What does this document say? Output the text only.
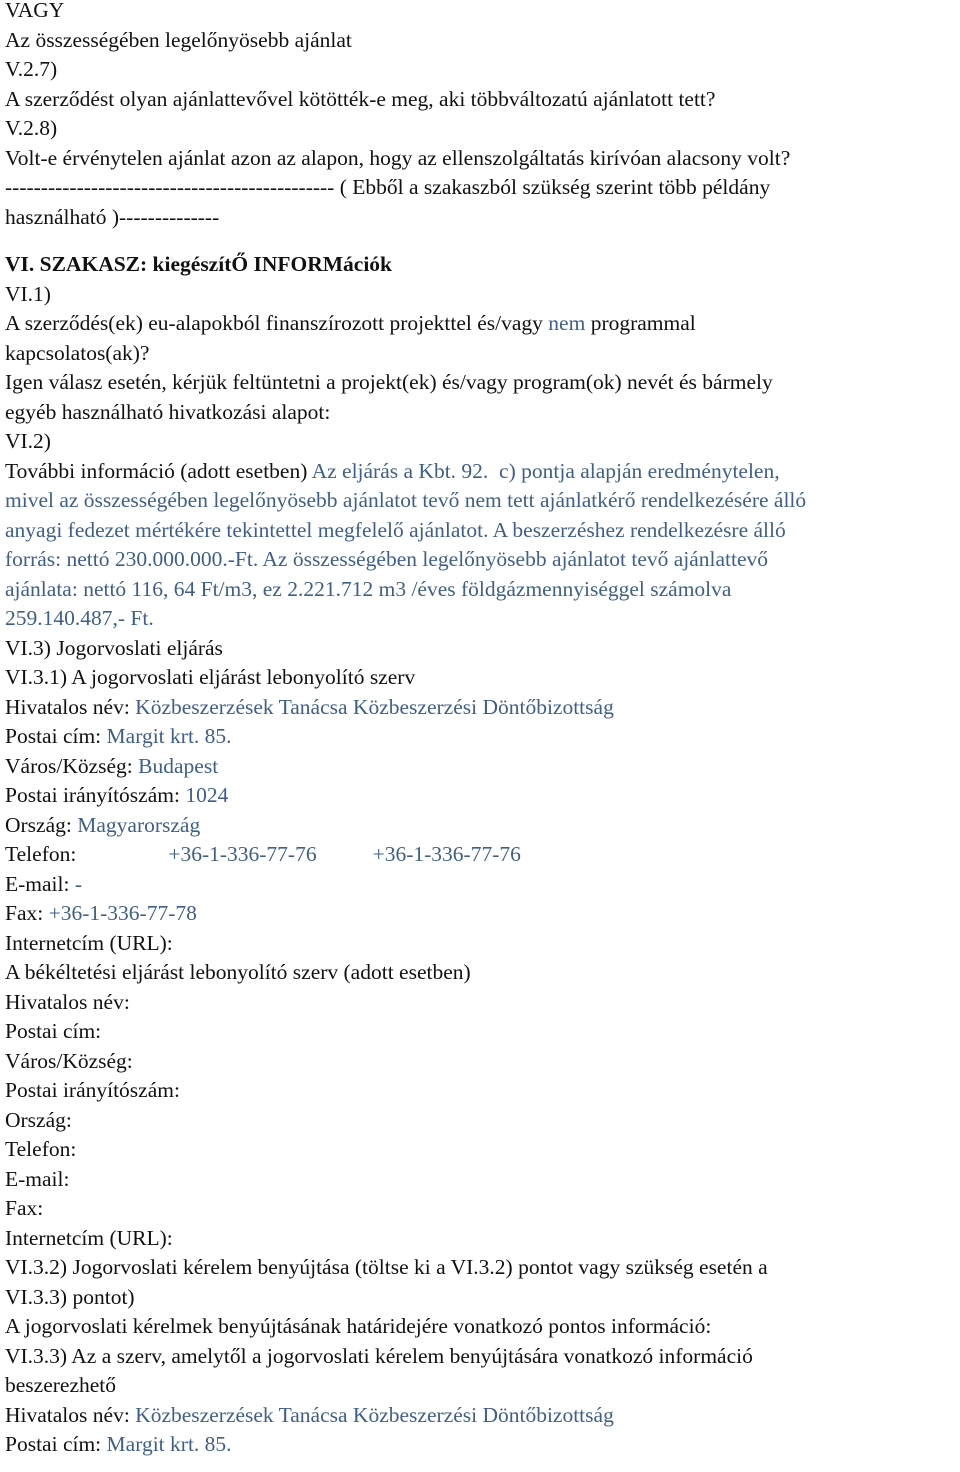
VAGY
Az összességében legelőnyösebb ajánlat
V.2.7)
A szerződést olyan ajánlattevővel kötötték-e meg, aki többváltozatú ajánlatott tett?
V.2.8)
Volt-e érvénytelen ajánlat azon az alapon, hogy az ellenszolgáltatás kirívóan alacsony volt?
---------------------------------------------- ( Ebből a szakaszból szükség szerint több példány
használható )--------------
VI. SZAKASZ: kiegészítŐ INFORMációk
VI.1)
A szerződés(ek) eu-alapokból finanszírozott projekttel és/vagy nem programmal
kapcsolatos(ak)?
Igen válasz esetén, kérjük feltüntetni a projekt(ek) és/vagy program(ok) nevét és bármely
egyéb használható hivatkozási alapot:
VI.2)
További információ (adott esetben) Az eljárás a Kbt. 92.  c) pontja alapján eredménytelen,
mivel az összességében legelőnyösebb ajánlatot tevő nem tett ajánlatkérő rendelkezésére álló
anyagi fedezet mértékére tekintettel megfelelő ajánlatot. A beszerzéshez rendelkezésre álló
forrás: nettó 230.000.000.-Ft. Az összességében legelőnyösebb ajánlatot tevő ajánlattevő
ajánlata: nettó 116, 64 Ft/m3, ez 2.221.712 m3 /éves földgázmennyiséggel számolva
259.140.487,- Ft.
VI.3) Jogorvoslati eljárás
VI.3.1) A jogorvoslati eljárást lebonyolító szerv
Hivatalos név: Közbeszerzések Tanácsa Közbeszerzési Döntőbizottság
Postai cím: Margit krt. 85.
Város/Község: Budapest
Postai irányítószám: 1024
Ország: Magyarország
Telefon:	+36-1-336-77-76	+36-1-336-77-76
E-mail: -
Fax: +36-1-336-77-78
Internetcím (URL):
A békéltetési eljárást lebonyolító szerv (adott esetben)
Hivatalos név:
Postai cím:
Város/Község:
Postai irányítószám:
Ország:
Telefon:
E-mail:
Fax:
Internetcím (URL):
VI.3.2) Jogorvoslati kérelem benyújtása (töltse ki a VI.3.2) pontot vagy szükség esetén a
VI.3.3) pontot)
A jogorvoslati kérelmek benyújtásának határidejére vonatkozó pontos információ:
VI.3.3) Az a szerv, amelytől a jogorvoslati kérelem benyújtására vonatkozó információ
beszerezhető
Hivatalos név: Közbeszerzések Tanácsa Közbeszerzési Döntőbizottság
Postai cím: Margit krt. 85.
